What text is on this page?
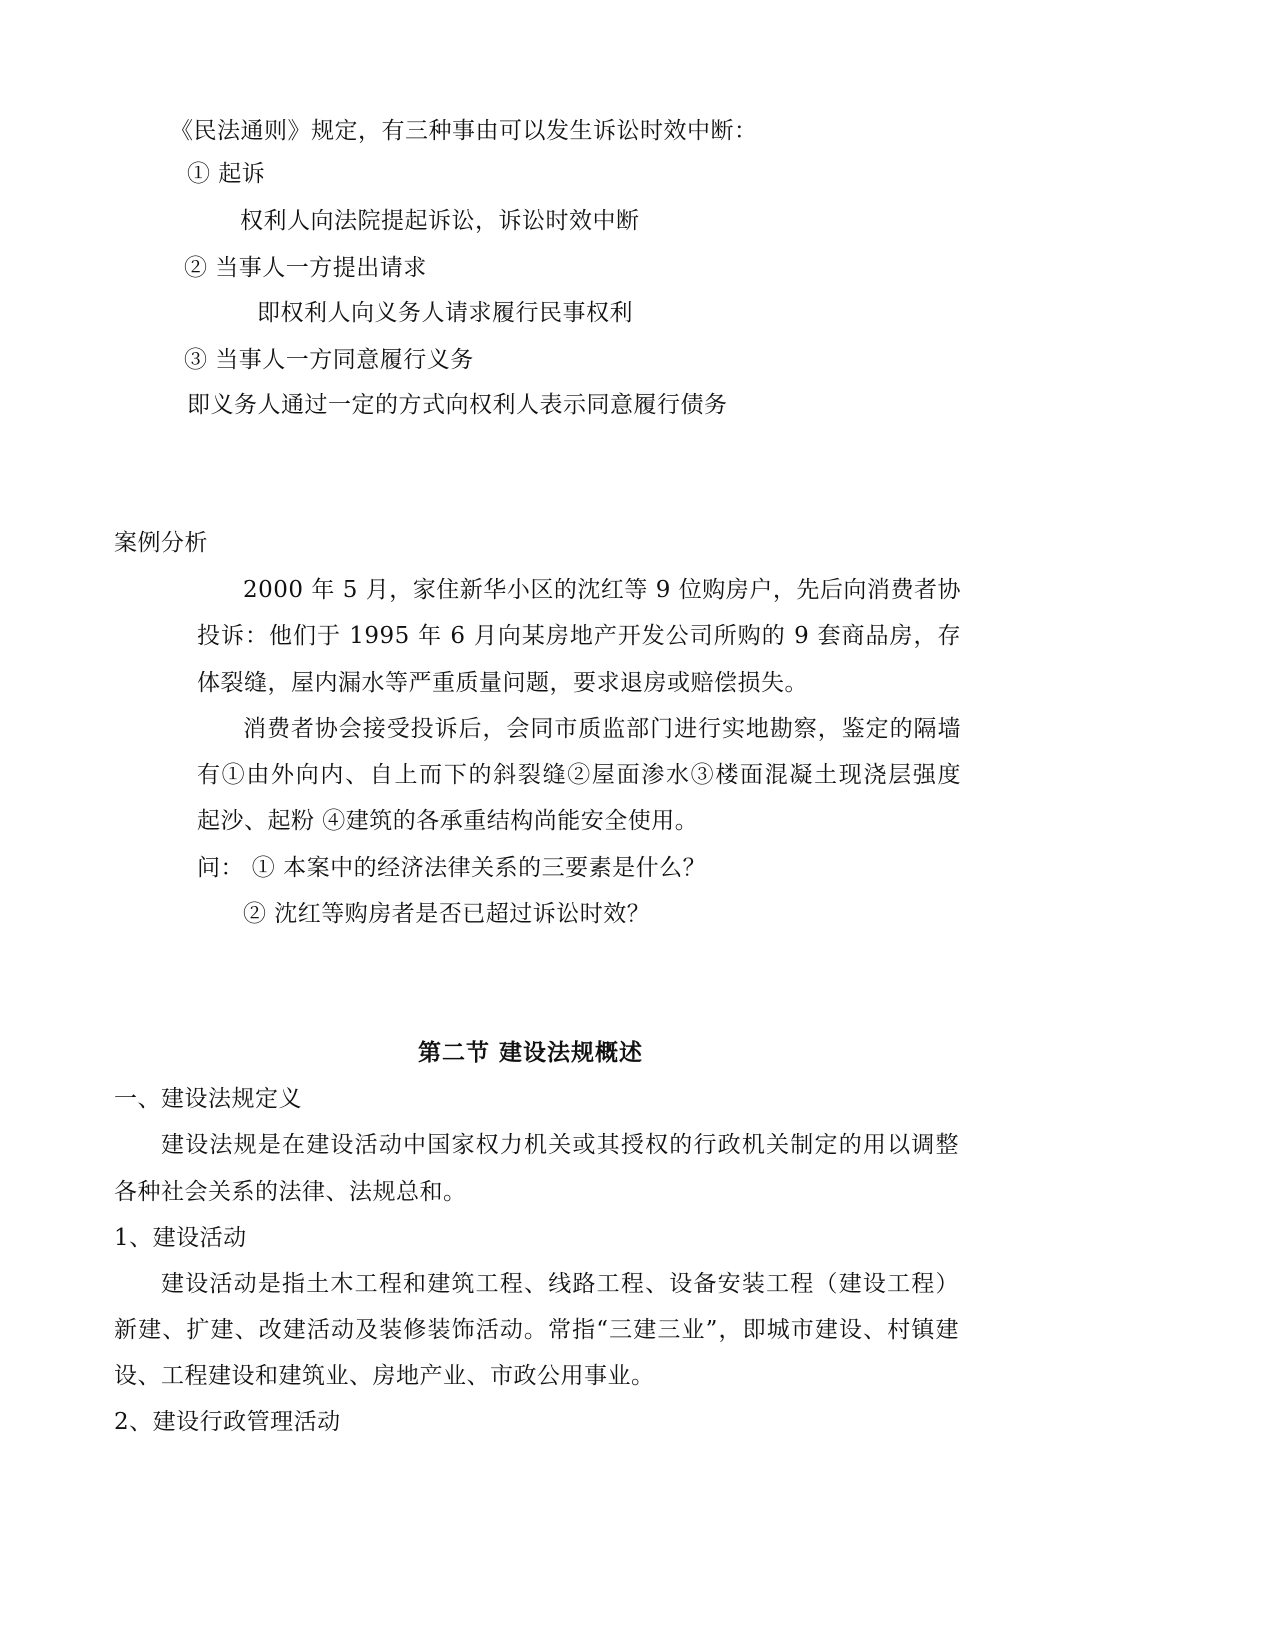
《民法通则》规定，有三种事由可以发生诉讼时效中断：
① 起诉
权利人向法院提起诉讼，诉讼时效中断
② 当事人一方提出请求
即权利人向义务人请求履行民事权利
③ 当事人一方同意履行义务
即义务人通过一定的方式向权利人表示同意履行债务
案例分析
2000 年 5 月，家住新华小区的沈红等 9 位购房户，先后向消费者协
投诉：他们于 1995 年 6 月向某房地产开发公司所购的 9 套商品房，存
体裂缝，屋内漏水等严重质量问题，要求退房或赔偿损失。
消费者协会接受投诉后，会同市质监部门进行实地勘察，鉴定的隔墙
有①由外向内、自上而下的斜裂缝②屋面渗水③楼面混凝土现浇层强度
起沙、起粉 ④建筑的各承重结构尚能安全使用。
问： ① 本案中的经济法律关系的三要素是什么？
② 沈红等购房者是否已超过诉讼时效？
第二节 建设法规概述
一、建设法规定义
建设法规是在建设活动中国家权力机关或其授权的行政机关制定的用以调整
各种社会关系的法律、法规总和。
1、建设活动
建设活动是指土木工程和建筑工程、线路工程、设备安装工程（建设工程）
新建、扩建、改建活动及装修装饰活动。常指“三建三业”，即城市建设、村镇建
设、工程建设和建筑业、房地产业、市政公用事业。
2、建设行政管理活动
